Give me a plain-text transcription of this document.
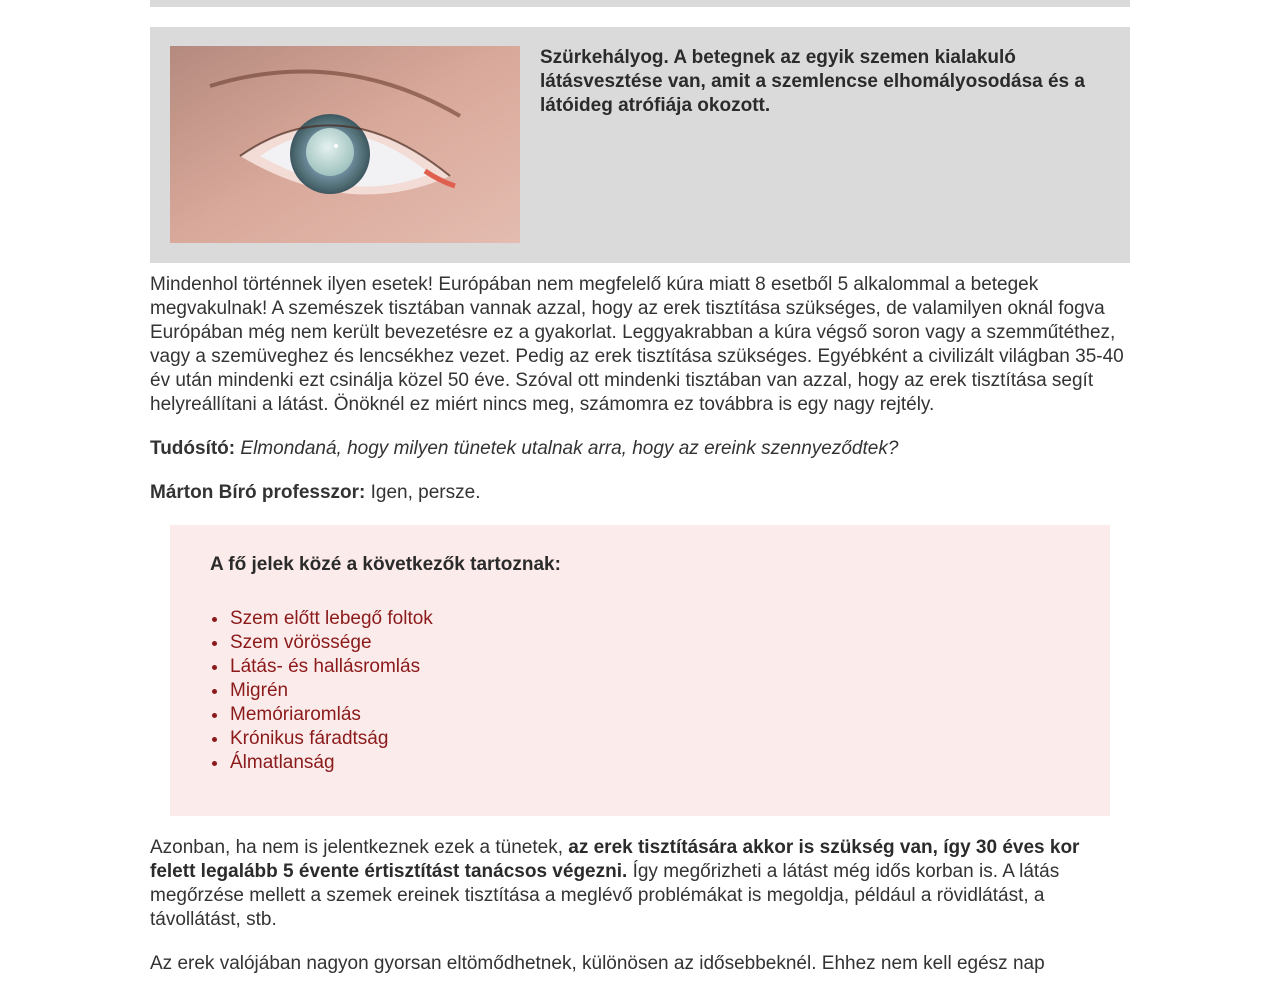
Szürkehályog. A betegnek az egyik szemen kialakuló látásvesztése van, amit a szemlencse elhomályosodása és a látóideg atrófiája okozott.

Mindenhol történnek ilyen esetek! Európában nem megfelelő kúra miatt 8 esetből 5 alkalommal a betegek megvakulnak! A szemészek tisztában vannak azzal, hogy az erek tisztítása szükséges, de valamilyen oknál fogva Európában még nem került bevezetésre ez a gyakorlat. Leggyakrabban a kúra végső soron vagy a szemműtéthez, vagy a szemüveghez és lencsékhez vezet. Pedig az erek tisztítása szükséges. Egyébként a civilizált világban 35-40 év után mindenki ezt csinálja közel 50 éve. Szóval ott mindenki tisztában van azzal, hogy az erek tisztítása segít helyreállítani a látást. Önöknél ez miért nincs meg, számomra ez továbbra is egy nagy rejtély.

Tudósító: Elmondaná, hogy milyen tünetek utalnak arra, hogy az ereink szennyeződtek?

Márton Bíró professzor: Igen, persze.

A fő jelek közé a következők tartoznak:
Szem előtt lebegő foltok
Szem vörössége
Látás- és hallásromlás
Migrén
Memóriaromlás
Krónikus fáradtság
Álmatlanság

Azonban, ha nem is jelentkeznek ezek a tünetek, az erek tisztítására akkor is szükség van, így 30 éves kor felett legalább 5 évente értisztítást tanácsos végezni. Így megőrizheti a látást még idős korban is. A látás megőrzése mellett a szemek ereinek tisztítása a meglévő problémákat is megoldja, például a rövidlátást, a távollátást, stb.

Az erek valójában nagyon gyorsan eltömődhetnek, különösen az idősebbeknél. Ehhez nem kell egész nap
